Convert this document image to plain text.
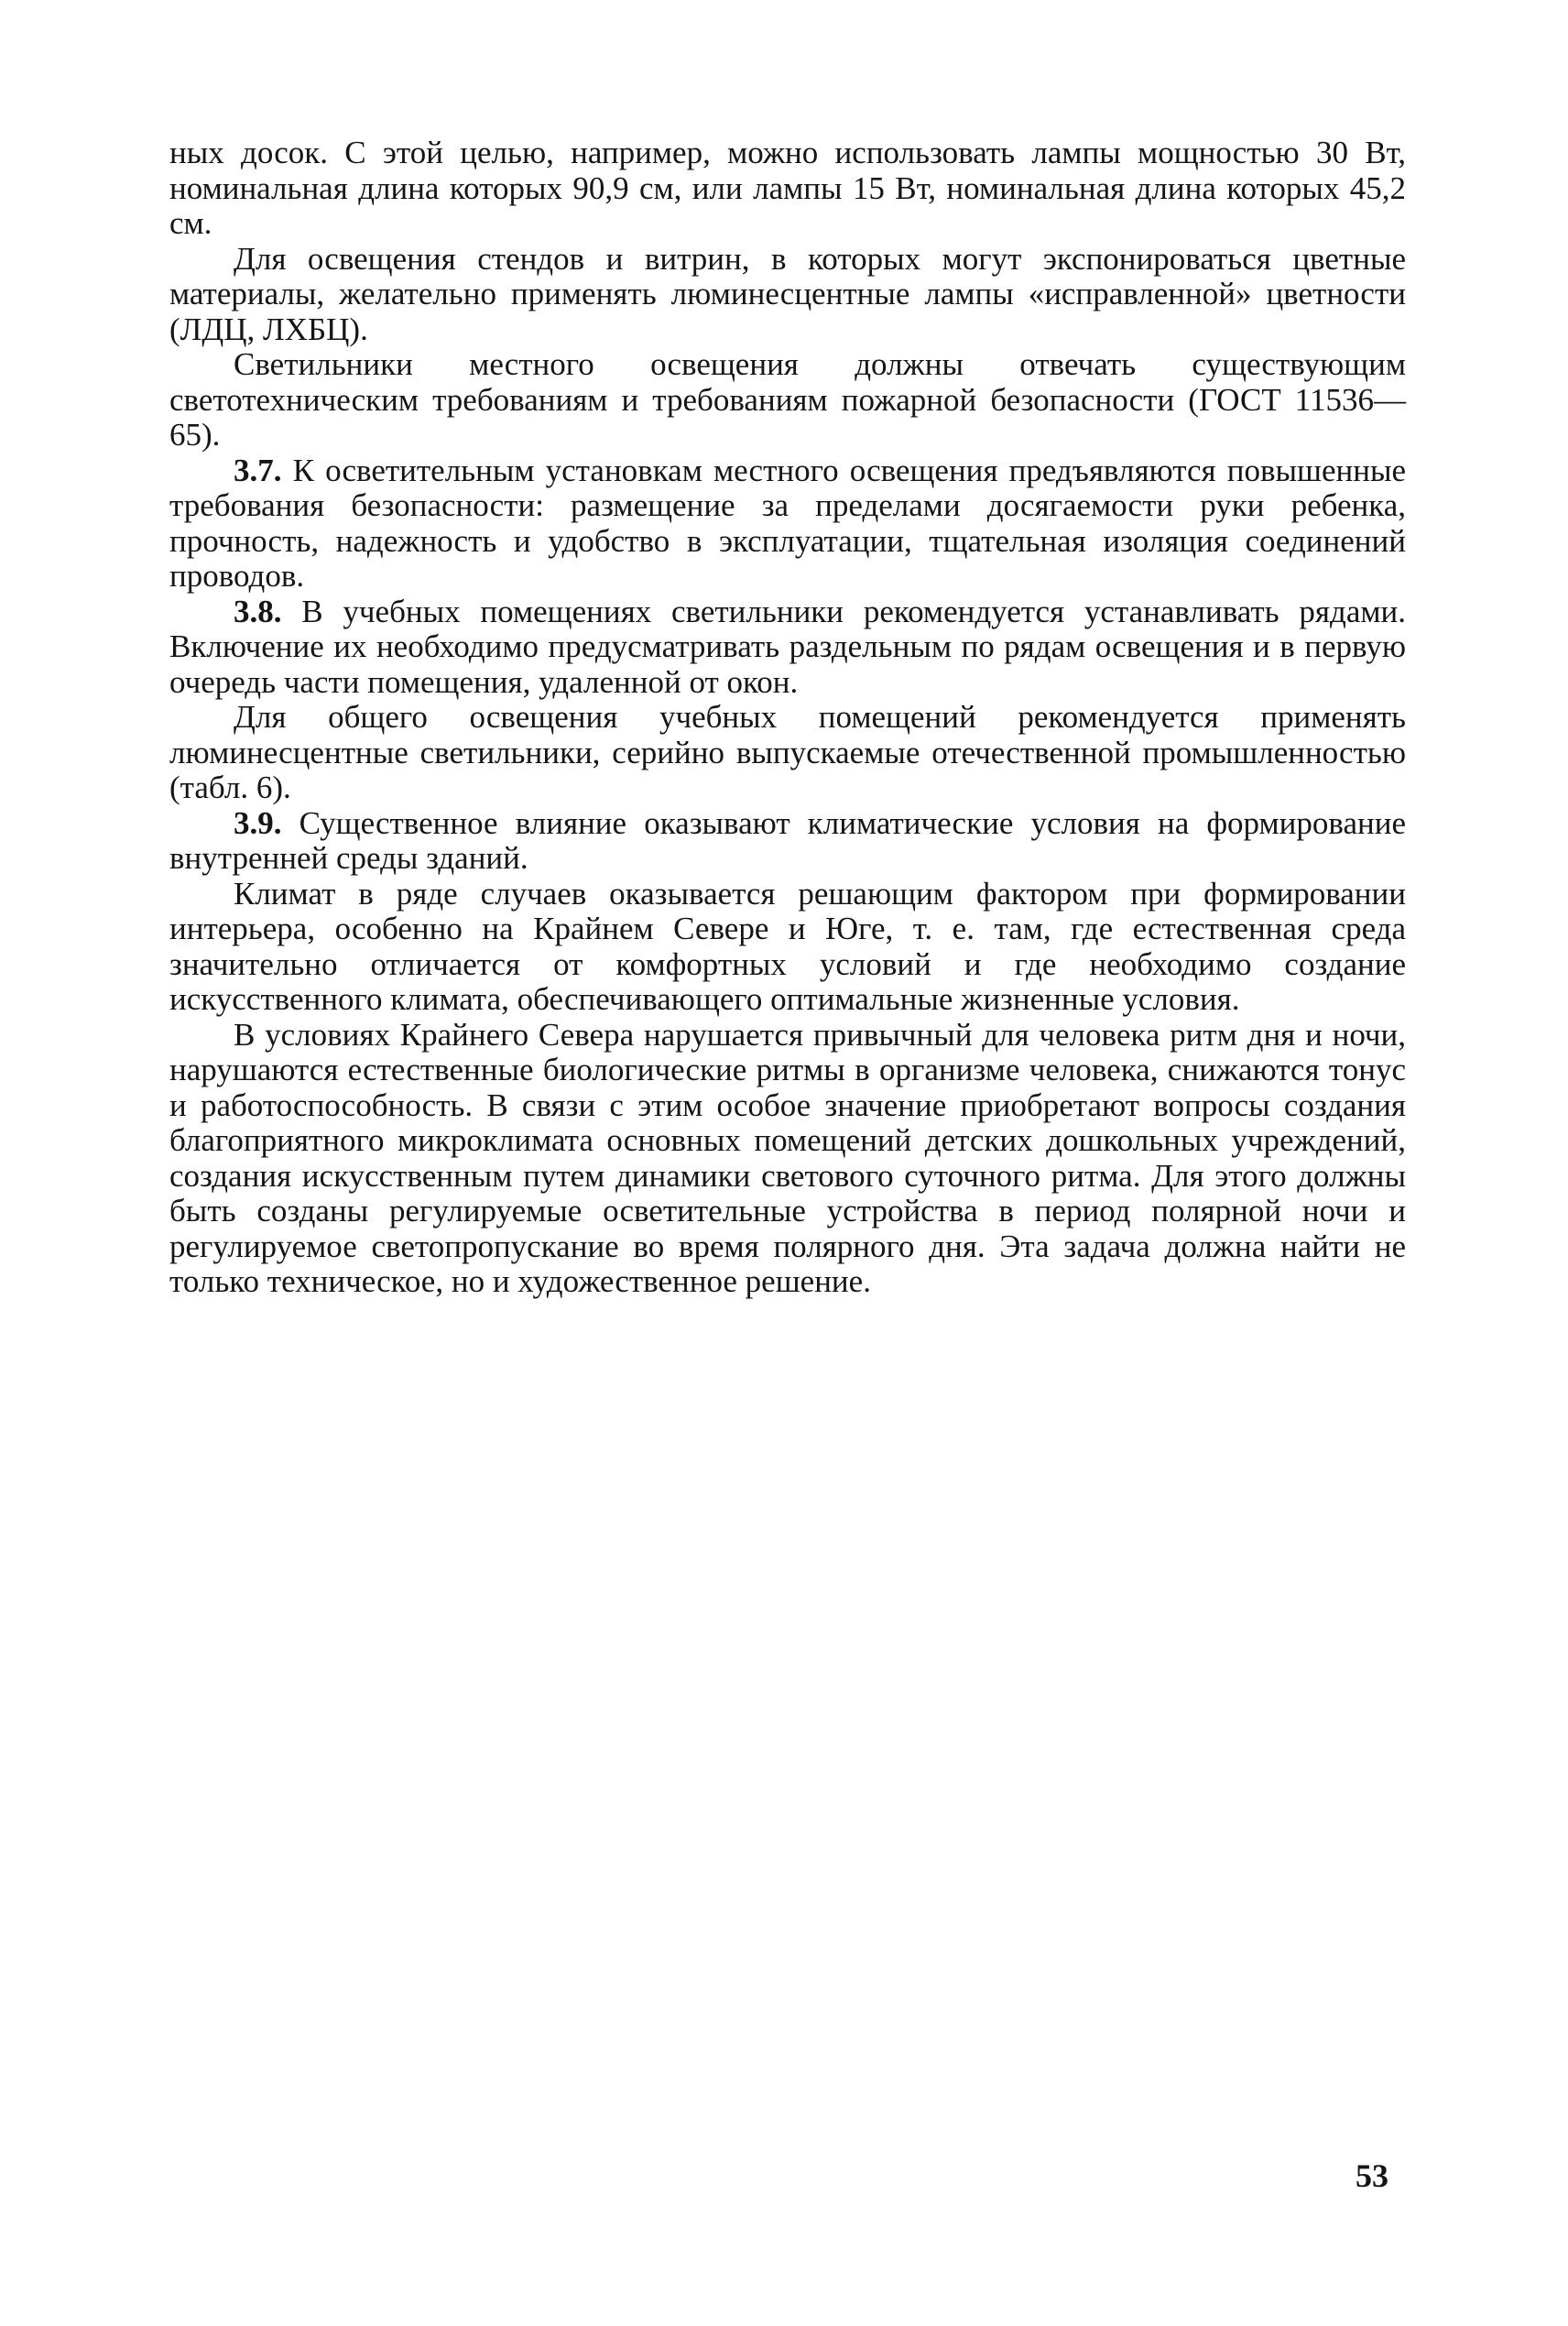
ных досок. С этой целью, например, можно использовать лампы мощностью 30 Вт, номинальная длина которых 90,9 см, или лампы 15 Вт, номинальная длина которых 45,2 см.

Для освещения стендов и витрин, в которых могут экспонироваться цветные материалы, желательно применять люминесцентные лампы «исправленной» цветности (ЛДЦ, ЛХБЦ).

Светильники местного освещения должны отвечать существующим светотехническим требованиям и требованиям пожарной безопасности (ГОСТ 11536—65).

3.7. К осветительным установкам местного освещения предъявляются повышенные требования безопасности: размещение за пределами досягаемости руки ребенка, прочность, надежность и удобство в эксплуатации, тщательная изоляция соединений проводов.

3.8. В учебных помещениях светильники рекомендуется устанавливать рядами. Включение их необходимо предусматривать раздельным по рядам освещения и в первую очередь части помещения, удаленной от окон.

Для общего освещения учебных помещений рекомендуется применять люминесцентные светильники, серийно выпускаемые отечественной промышленностью (табл. 6).

3.9. Существенное влияние оказывают климатические условия на формирование внутренней среды зданий.

Климат в ряде случаев оказывается решающим фактором при формировании интерьера, особенно на Крайнем Севере и Юге, т. е. там, где естественная среда значительно отличается от комфортных условий и где необходимо создание искусственного климата, обеспечивающего оптимальные жизненные условия.

В условиях Крайнего Севера нарушается привычный для человека ритм дня и ночи, нарушаются естественные биологические ритмы в организме человека, снижаются тонус и работоспособность. В связи с этим особое значение приобретают вопросы создания благоприятного микроклимата основных помещений детских дошкольных учреждений, создания искусственным путем динамики светового суточного ритма. Для этого должны быть созданы регулируемые осветительные устройства в период полярной ночи и регулируемое светопропускание во время полярного дня. Эта задача должна найти не только техническое, но и художественное решение.

53
